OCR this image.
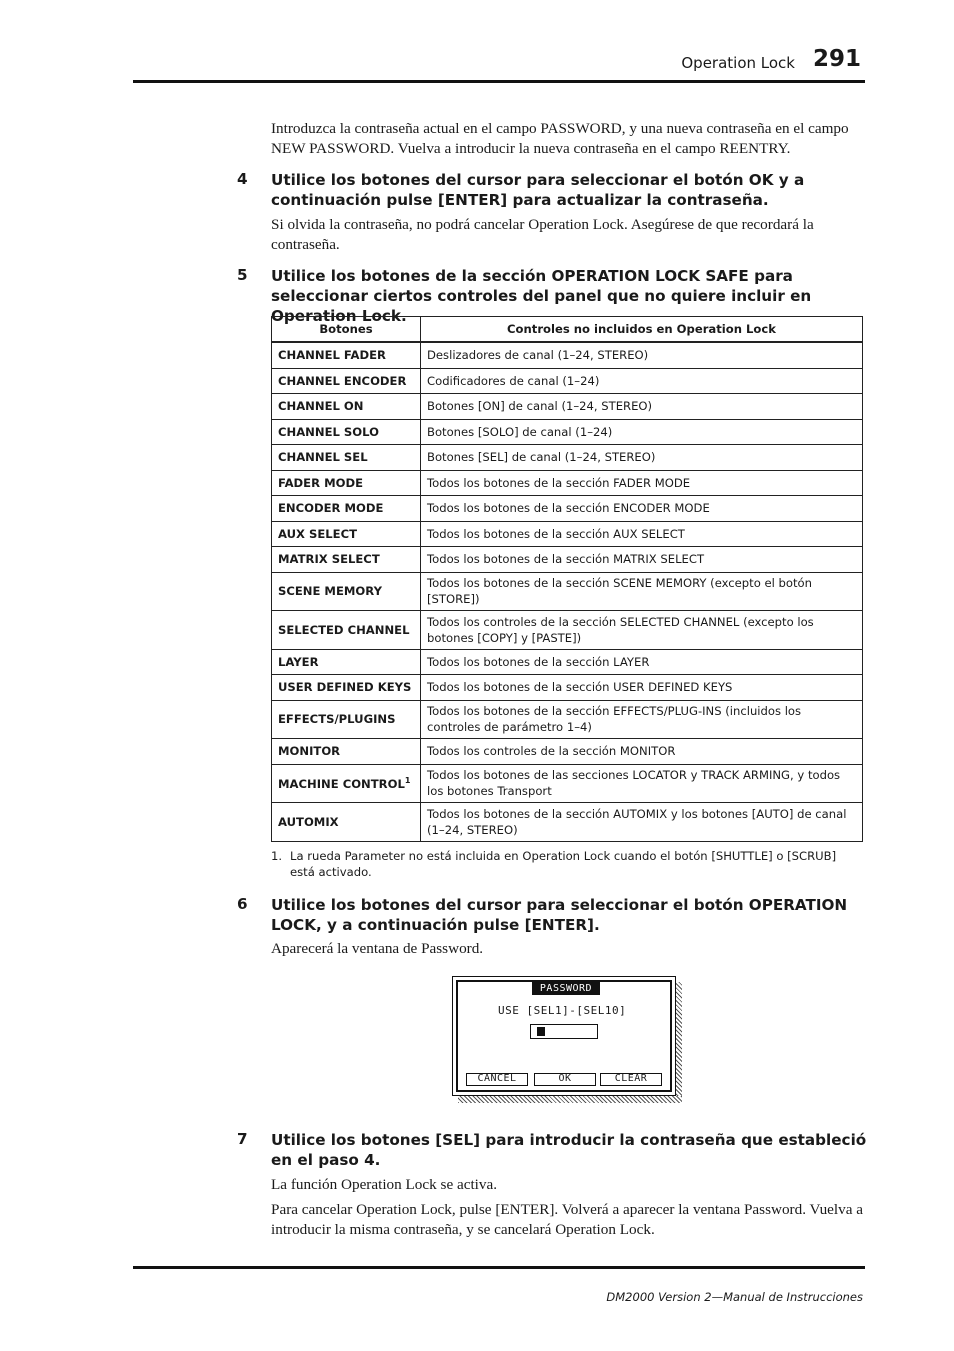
Operation Lock 291

Introduzca la contraseña actual en el campo PASSWORD, y una nueva contraseña en el campo NEW PASSWORD. Vuelva a introducir la nueva contraseña en el campo REENTRY.

4 Utilice los botones del cursor para seleccionar el botón OK y a continuación pulse [ENTER] para actualizar la contraseña.

Si olvida la contraseña, no podrá cancelar Operation Lock. Asegúrese de que recordará la contraseña.

5 Utilice los botones de la sección OPERATION LOCK SAFE para seleccionar ciertos controles del panel que no quiere incluir en Operation Lock.
Botones	Controles no incluidos en Operation Lock
CHANNEL FADER	Deslizadores de canal (1–24, STEREO)
CHANNEL ENCODER	Codificadores de canal (1–24)
CHANNEL ON	Botones [ON] de canal (1–24, STEREO)
CHANNEL SOLO	Botones [SOLO] de canal (1–24)
CHANNEL SEL	Botones [SEL] de canal (1–24, STEREO)
FADER MODE	Todos los botones de la sección FADER MODE
ENCODER MODE	Todos los botones de la sección ENCODER MODE
AUX SELECT	Todos los botones de la sección AUX SELECT
MATRIX SELECT	Todos los botones de la sección MATRIX SELECT
SCENE MEMORY	Todos los botones de la sección SCENE MEMORY (excepto el botón [STORE])
SELECTED CHANNEL	Todos los controles de la sección SELECTED CHANNEL (excepto los botones [COPY] y [PASTE])
LAYER	Todos los botones de la sección LAYER
USER DEFINED KEYS	Todos los botones de la sección USER DEFINED KEYS
EFFECTS/PLUGINS	Todos los botones de la sección EFFECTS/PLUG-INS (incluidos los controles de parámetro 1–4)
MONITOR	Todos los controles de la sección MONITOR
MACHINE CONTROL$^1$	Todos los botones de las secciones LOCATOR y TRACK ARMING, y todos los botones Transport
AUTOMIX	Todos los botones de la sección AUTOMIX y los botones [AUTO] de canal (1–24, STEREO)
1. La rueda Parameter no está incluida en Operation Lock cuando el botón [SHUTTLE] o [SCRUB] está activado.
6 Utilice los botones del cursor para seleccionar el botón OPERATION LOCK, y a continuación pulse [ENTER].

Aparecerá la ventana de Password.

PASSWORD
USE [SEL1]-[SEL10]
CANCEL	OK	CLEAR
7 Utilice los botones [SEL] para introducir la contraseña que estableció en el paso 4.

La función Operation Lock se activa.

Para cancelar Operation Lock, pulse [ENTER]. Volverá a aparecer la ventana Password. Vuelva a introducir la misma contraseña, y se cancelará Operation Lock.

DM2000 Version 2—Manual de Instrucciones
